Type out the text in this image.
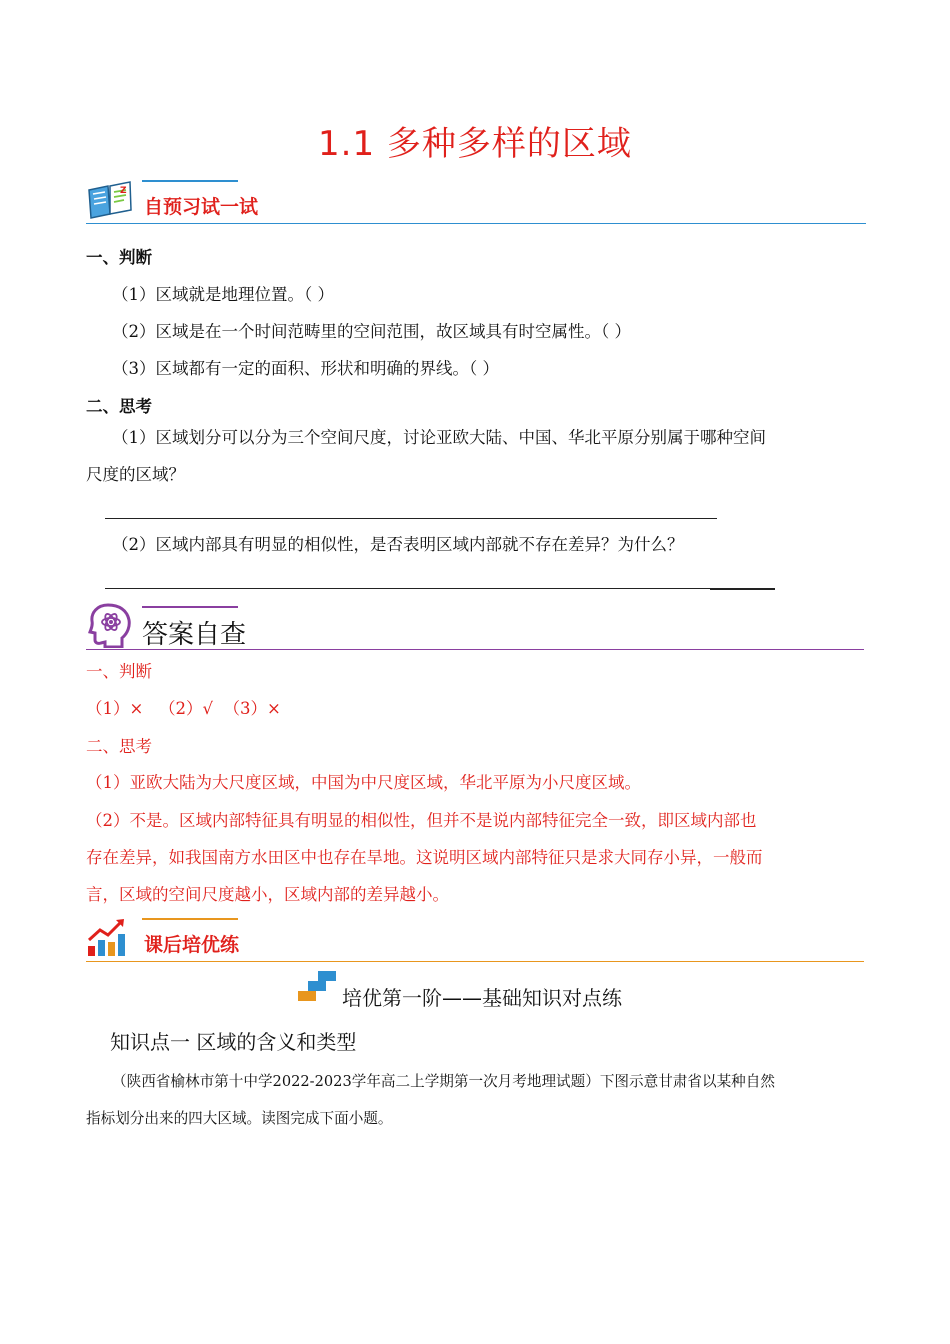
1.1 多种多样的区域
Z
自预习试一试
一、判断
（1）区域就是地理位置。（ ）
（2）区域是在一个时间范畴里的空间范围，故区域具有时空属性。（ ）
（3）区域都有一定的面积、形状和明确的界线。（ ）
二、思考
（1）区域划分可以分为三个空间尺度，讨论亚欧大陆、中国、华北平原分别属于哪种空间
尺度的区域？
（2）区域内部具有明显的相似性，是否表明区域内部就不存在差异？为什么？
答案自查
一、判断
（1）×   （2）√  （3）×
二、思考
（1）亚欧大陆为大尺度区域，中国为中尺度区域，华北平原为小尺度区域。
（2）不是。区域内部特征具有明显的相似性，但并不是说内部特征完全一致，即区域内部也
存在差异，如我国南方水田区中也存在旱地。这说明区域内部特征只是求大同存小异，一般而
言，区域的空间尺度越小，区域内部的差异越小。
课后培优练
培优第一阶——基础知识对点练
知识点一 区域的含义和类型
（陕西省榆林市第十中学2022-2023学年高二上学期第一次月考地理试题）下图示意甘肃省以某种自然
指标划分出来的四大区域。读图完成下面小题。
